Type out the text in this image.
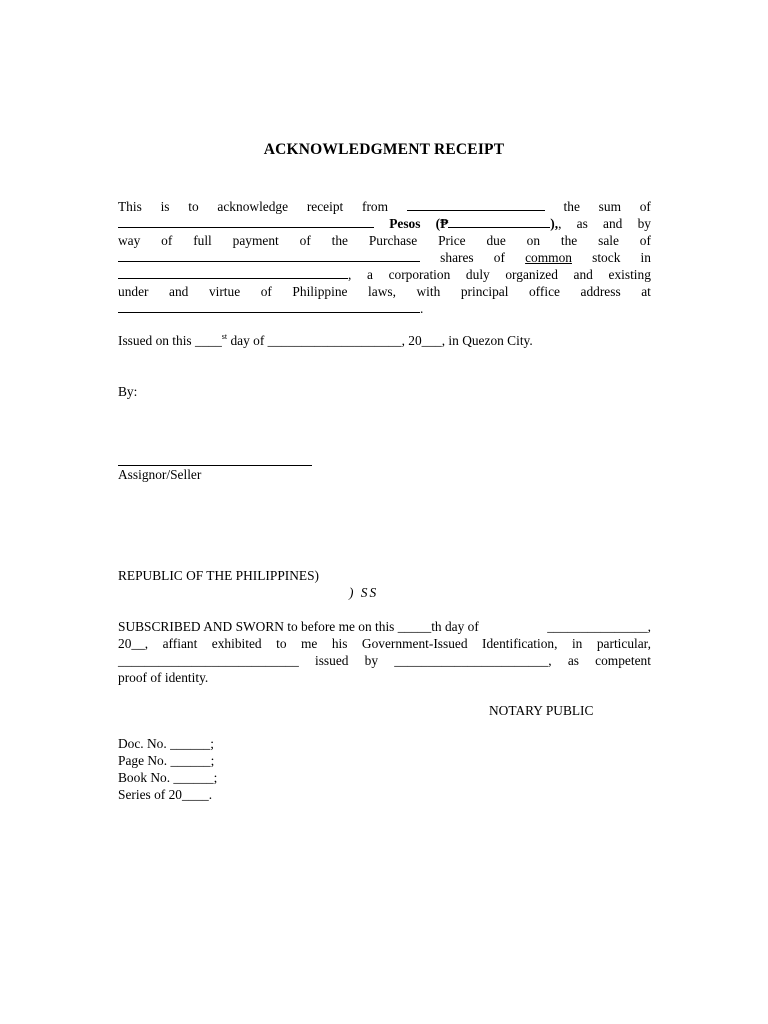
ACKNOWLEDGMENT RECEIPT
This is to acknowledge receipt from	the sum of
Pesos (₱	),, as and by
way of full payment of the Purchase Price due on the sale of
shares of common stock in
, a corporation duly organized and existing
under and virtue of Philippine laws, with principal office address at
.
Issued on this ____$^{st}$ day of ____________________, 20___, in Quezon City.
By:
Assignor/Seller
REPUBLIC OF THE PHILIPPINES)
) SS
SUBSCRIBED AND SWORN to before me on this _____th day of	_______________,
20__, affiant exhibited to me his Government-Issued Identification, in particular,
___________________________ issued by _______________________, as competent
proof of identity.
NOTARY PUBLIC
Doc. No. ______;
Page No. ______;
Book No. ______;
Series of 20____.
